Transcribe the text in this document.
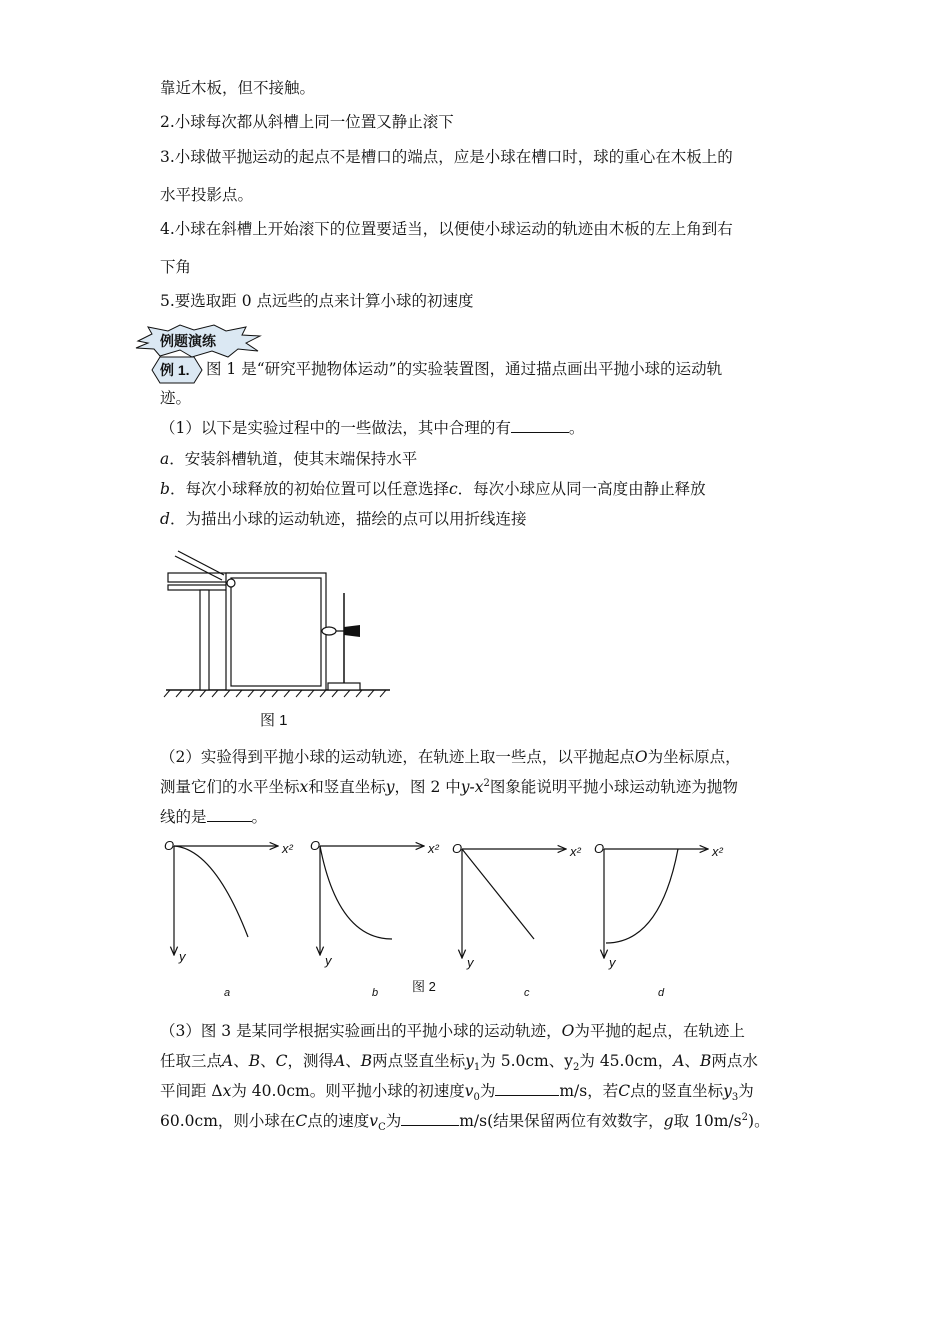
靠近木板，但不接触。
2.小球每次都从斜槽上同一位置又静止滚下
3.小球做平抛运动的起点不是槽口的端点，应是小球在槽口时，球的重心在木板上的
水平投影点。
4.小球在斜槽上开始滚下的位置要适当，以便使小球运动的轨迹由木板的左上角到右
下角
5.要选取距 0 点远些的点来计算小球的初速度
例题演练
例 1. 图 1 是“研究平抛物体运动”的实验装置图，通过描点画出平抛小球的运动轨
迹。
（1）以下是实验过程中的一些做法，其中合理的有	。
a．安装斜槽轨道，使其末端保持水平
b．每次小球释放的初始位置可以任意选择c．每次小球应从同一高度由静止释放
d．为描出小球的运动轨迹，描绘的点可以用折线连接
图 1
（2）实验得到平抛小球的运动轨迹，在轨迹上取一些点，以平抛起点O为坐标原点，
测量它们的水平坐标x和竖直坐标y，图 2 中$y-x^2$图象能说明平抛小球运动轨迹为抛物
线的是	。
O	x²
y
O	x²
y
O	x²
y
O	x²
y
a	b	c	d
图 2
（3）图 3 是某同学根据实验画出的平抛小球的运动轨迹，O为平抛的起点，在轨迹上
任取三点A、B、C，测得A、B两点竖直坐标$y_1$为 5.0cm、$y_2$为 45.0cm，A、B两点水
平间距 Δx为 40.0cm。则平抛小球的初速度$v_0$为	m/s，若C点的竖直坐标$y_3$为
60.0cm，则小球在C点的速度$v_C$为	m/s(结果保留两位有效数字，g取 $10m/s^2$)。
